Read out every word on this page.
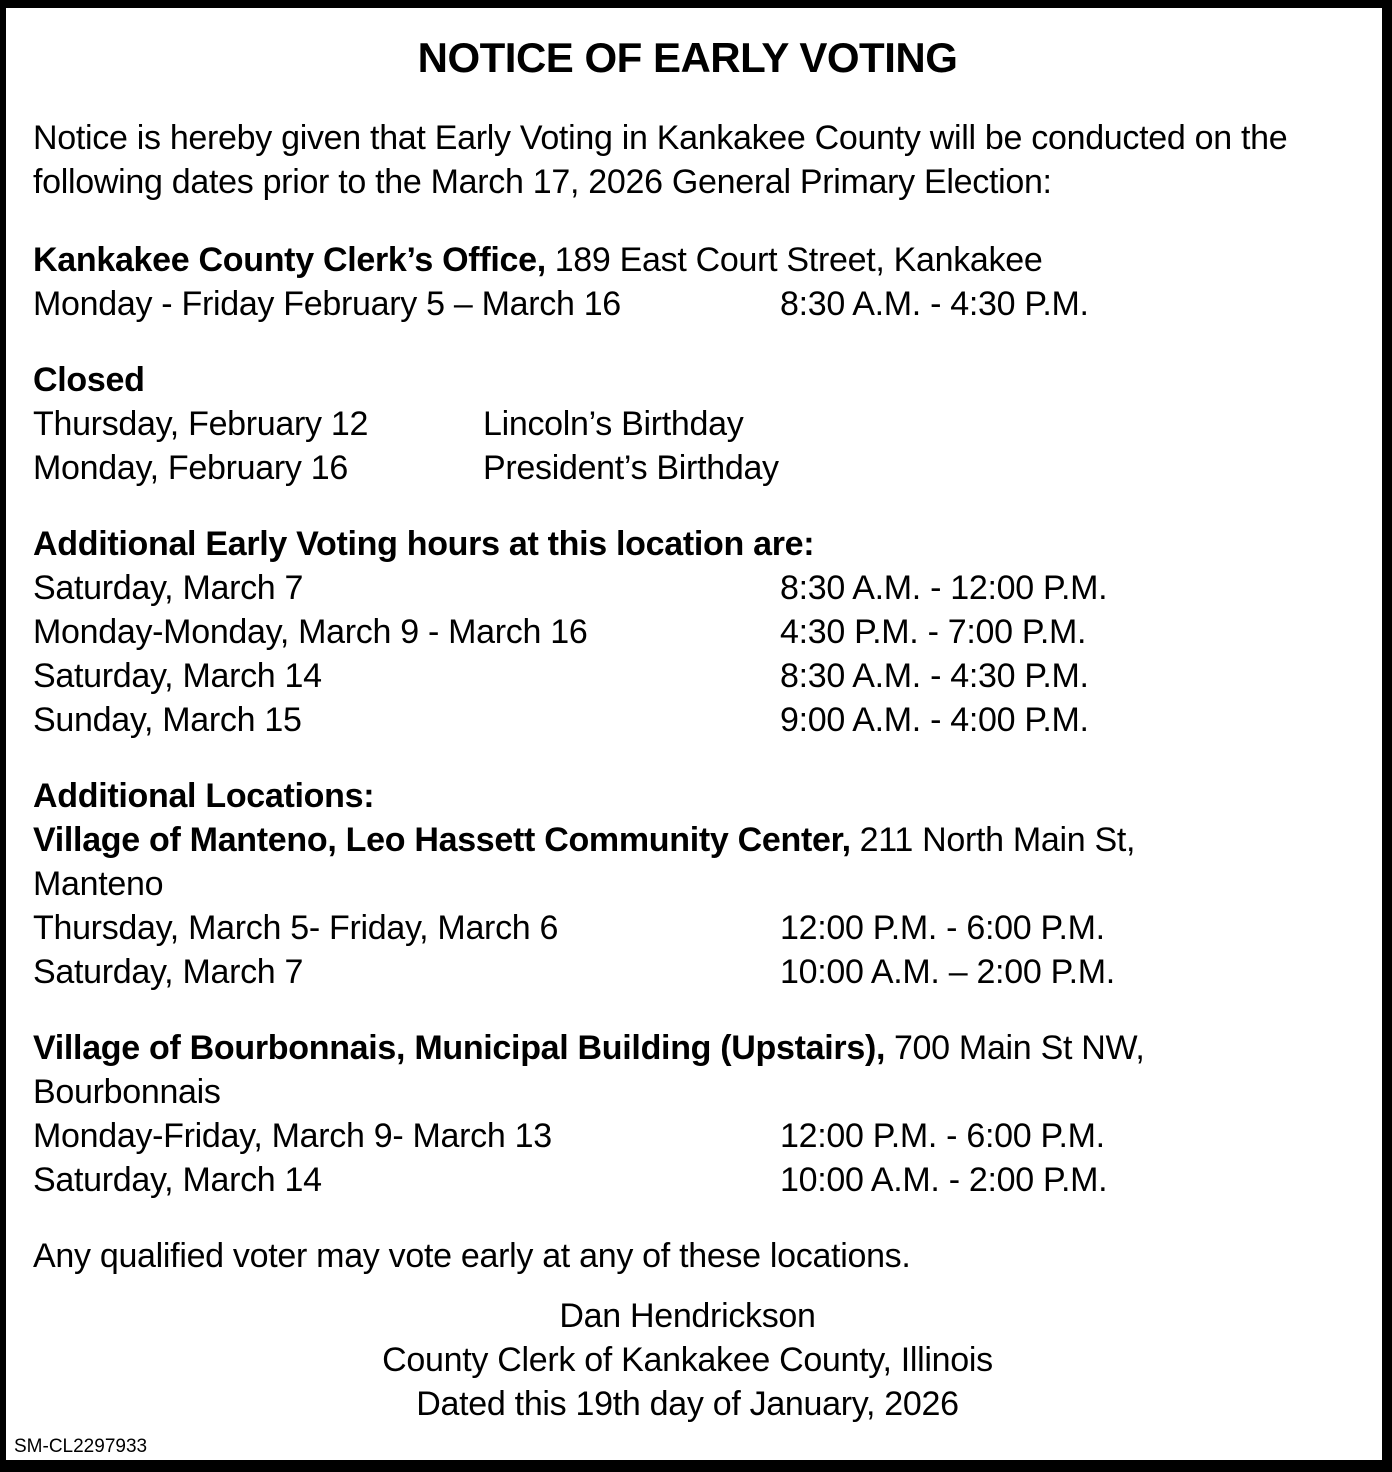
NOTICE OF EARLY VOTING

Notice is hereby given that Early Voting in Kankakee County will be conducted on the following dates prior to the March 17, 2026 General Primary Election:

Kankakee County Clerk’s Office, 189 East Court Street, Kankakee
Monday - Friday February 5 – March 16	8:30 A.M. - 4:30 P.M.
Closed
Thursday, February 12	Lincoln’s Birthday
Monday, February 16	President’s Birthday
Additional Early Voting hours at this location are:
Saturday, March 7	8:30 A.M. - 12:00 P.M.
Monday-Monday, March 9 - March 16	4:30 P.M. - 7:00 P.M.
Saturday, March 14	8:30 A.M. - 4:30 P.M.
Sunday, March 15	9:00 A.M. - 4:00 P.M.
Additional Locations:
Village of Manteno, Leo Hassett Community Center, 211 North Main St,
Manteno
Thursday, March 5- Friday, March 6	12:00 P.M. - 6:00 P.M.
Saturday, March 7	10:00 A.M. – 2:00 P.M.
Village of Bourbonnais, Municipal Building (Upstairs), 700 Main St NW,
Bourbonnais
Monday-Friday, March 9- March 13	12:00 P.M. - 6:00 P.M.
Saturday, March 14	10:00 A.M. - 2:00 P.M.

Any qualified voter may vote early at any of these locations.

Dan Hendrickson
County Clerk of Kankakee County, Illinois
Dated this 19th day of January, 2026
SM-CL2297933
